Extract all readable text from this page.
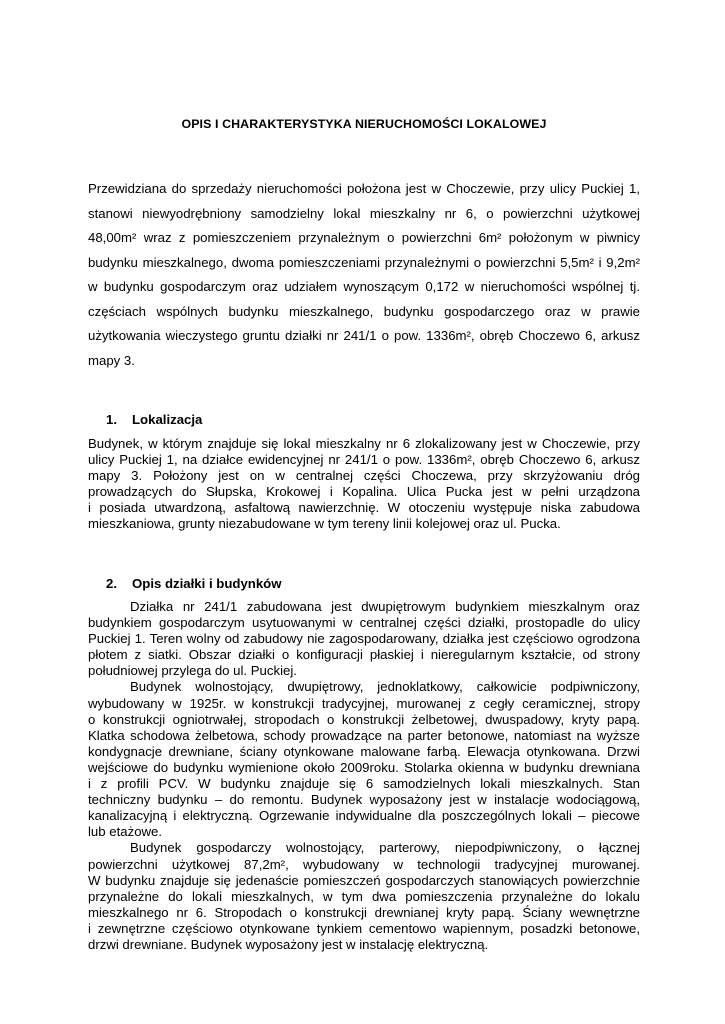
OPIS I CHARAKTERYSTYKA NIERUCHOMOŚCI LOKALOWEJ
Przewidziana do sprzedaży nieruchomości położona jest w Choczewie, przy ulicy Puckiej 1,
stanowi niewyodrębniony samodzielny lokal mieszkalny nr 6, o powierzchni użytkowej
48,00m² wraz z pomieszczeniem przynależnym o powierzchni 6m² położonym w piwnicy
budynku mieszkalnego, dwoma pomieszczeniami przynależnymi o powierzchni 5,5m² i 9,2m²
w budynku gospodarczym oraz udziałem wynoszącym 0,172 w nieruchomości wspólnej tj.
częściach wspólnych budynku mieszkalnego, budynku gospodarczego oraz w prawie
użytkowania wieczystego gruntu działki nr 241/1 o pow. 1336m², obręb Choczewo 6, arkusz
mapy 3.
1. Lokalizacja
Budynek, w którym znajduje się lokal mieszkalny nr 6 zlokalizowany jest w Choczewie, przy
ulicy Puckiej 1, na działce ewidencyjnej nr 241/1 o pow. 1336m², obręb Choczewo 6, arkusz
mapy 3. Położony jest on w centralnej części Choczewa, przy skrzyżowaniu dróg
prowadzących do Słupska, Krokowej i Kopalina. Ulica Pucka jest w pełni urządzona
i posiada utwardzoną, asfaltową nawierzchnię. W otoczeniu występuje niska zabudowa
mieszkaniowa, grunty niezabudowane w tym tereny linii kolejowej oraz ul. Pucka.
2. Opis działki i budynków
Działka nr 241/1 zabudowana jest dwupiętrowym budynkiem mieszkalnym oraz
budynkiem gospodarczym usytuowanymi w centralnej części działki, prostopadle do ulicy
Puckiej 1. Teren wolny od zabudowy nie zagospodarowany, działka jest częściowo ogrodzona
płotem z siatki. Obszar działki o konfiguracji płaskiej i nieregularnym kształcie, od strony
południowej przylega do ul. Puckiej.
Budynek wolnostojący, dwupiętrowy, jednoklatkowy, całkowicie podpiwniczony,
wybudowany w 1925r. w konstrukcji tradycyjnej, murowanej z cegły ceramicznej, stropy
o konstrukcji ogniotrwałej, stropodach o konstrukcji żelbetowej, dwuspadowy, kryty papą.
Klatka schodowa żelbetowa, schody prowadzące na parter betonowe, natomiast na wyższe
kondygnacje drewniane, ściany otynkowane malowane farbą. Elewacja otynkowana. Drzwi
wejściowe do budynku wymienione około 2009roku. Stolarka okienna w budynku drewniana
i z profili PCV. W budynku znajduje się 6 samodzielnych lokali mieszkalnych. Stan
techniczny budynku – do remontu. Budynek wyposażony jest w instalacje wodociągową,
kanalizacyjną i elektryczną. Ogrzewanie indywidualne dla poszczególnych lokali – piecowe
lub etażowe.
Budynek gospodarczy wolnostojący, parterowy, niepodpiwniczony, o łącznej
powierzchni użytkowej 87,2m², wybudowany w technologii tradycyjnej murowanej.
W budynku znajduje się jedenaście pomieszczeń gospodarczych stanowiących powierzchnie
przynależne do lokali mieszkalnych, w tym dwa pomieszczenia przynależne do lokalu
mieszkalnego nr 6. Stropodach o konstrukcji drewnianej kryty papą. Ściany wewnętrzne
i zewnętrzne częściowo otynkowane tynkiem cementowo wapiennym, posadzki betonowe,
drzwi drewniane. Budynek wyposażony jest w instalację elektryczną.
